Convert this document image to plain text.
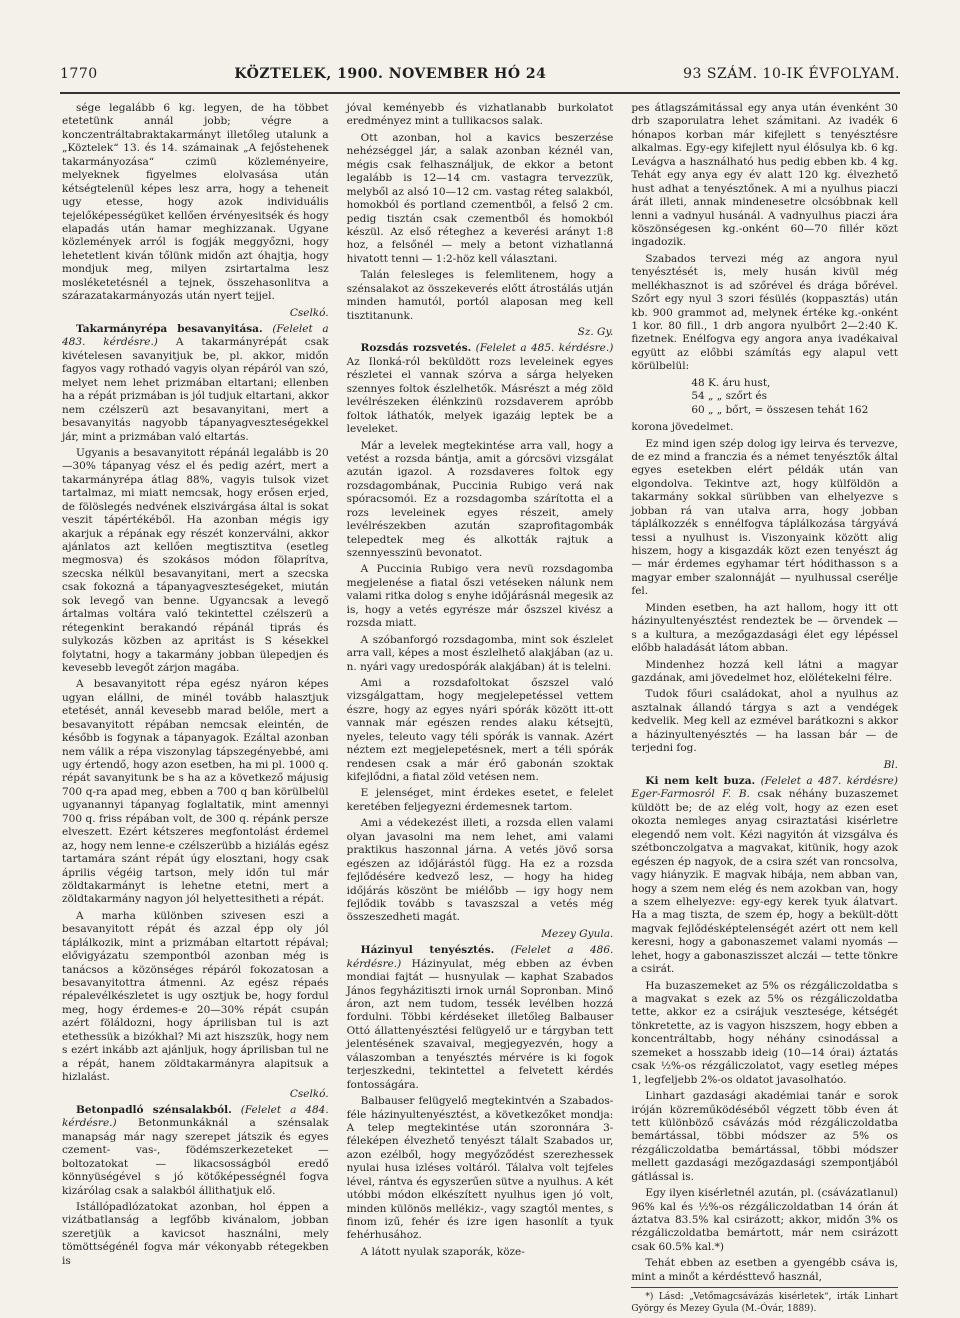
1770	KÖZTELEK, 1900. NOVEMBER HÓ 24	93 SZÁM. 10-IK ÉVFOLYAM.

sége legalább 6 kg. legyen, de ha többet etetetünk annál jobb; végre a konczentráltabraktakarmányt illetőleg utalunk a „Köztelek“ 13. és 14. számainak „A fejőstehenek takarmányozása“ czimü közleményeire, melyeknek figyelmes elolvasása után kétségtelenül képes lesz arra, hogy a teheneit ugy etesse, hogy azok individuális tejelőképességüket kellően érvényesitsék és hogy elapadás után hamar meghizzanak. Ugyane közlemények arról is fogják meggyőzni, hogy lehetetlent kiván tőlünk midőn azt óhajtja, hogy mondjuk meg, milyen zsirtartalma lesz mosléketetésnél a tejnek, összehasonlitva a szárazatakarmányozás után nyert tejjel.

Cselkó.

Takarmányrépa besavanyitása. (Felelet a 483. kérdésre.) A takarmányrépát csak kivételesen savanyitjuk be, pl. akkor, midőn fagyos vagy rothadó vagyis olyan répáról van szó, melyet nem lehet prizmában eltartani; ellenben ha a répát prizmában is jól tudjuk eltartani, akkor nem czélszerü azt besavanyitani, mert a besavanyitás nagyobb tápanyagveszteségekkel jár, mint a prizmában való eltartás.

Ugyanis a besavanyitott répánál legalább is 20—30% tápanyag vész el és pedig azért, mert a takarmányrépa átlag 88%, vagyis tulsok vizet tartalmaz, mi miatt nemcsak, hogy erősen erjed, de fölöslegés nedvének elszivárgása által is sokat veszit tápértékéből. Ha azonban mégis igy akarjuk a répának egy részét konzerválni, akkor ajánlatos azt kellően megtisztitva (esetleg megmosva) és szokásos módon fölaprítva, szecska nélkül besavanyitani, mert a szecska csak fokozná a tápanyagveszteségeket, miután sok levegő van benne. Ugyancsak a levegő ártalmas voltára való tekintettel czélszerü a rétegenkint berakandó répánál tiprás és sulykozás közben az apritást is S késekkel folytatni, hogy a takarmány jobban ülepedjen és kevesebb levegőt zárjon magába.

A besavanyitott répa egész nyáron képes ugyan elállni, de minél tovább halasztjuk etetését, annál kevesebb marad belőle, mert a besavanyitott répában nemcsak eleintén, de később is fogynak a tápanyagok. Ezáltal azonban nem válik a répa viszonylag tápszegényebbé, ami ugy értendő, hogy azon esetben, ha mi pl. 1000 q. répát savanyitunk be s ha az a következő májusig 700 q-ra apad meg, ebben a 700 q ban körülbelül ugyanannyi tápanyag foglaltatik, mint amennyi 700 q. friss répában volt, de 300 q. répánk persze elveszett. Ezért kétszeres megfontolást érdemel az, hogy nem lenne-e czélszerübb a hiziálás egész tartamára szánt répát úgy elosztani, hogy csak április végéig tartson, mely időn tul már zöldtakarmányt is lehetne etetni, mert a zöldtakarmány nagyon jól helyettesitheti a répát.

A marha különben szivesen eszi a besavanyitott répát és azzal épp oly jól táplálkozik, mint a prizmában eltartott répával; elővigyázatu szempontból azonban még is tanácsos a közönséges répáról fokozatosan a besavanyitottra átmenni. Az egész répaés répalevélkészletet is ugy osztjuk be, hogy fordul meg, hogy érdemes-e 20—30% répát csupán azért föláldozni, hogy áprilisban tul is azt etethessük a bizókhal? Mi azt hiszszük, hogy nem s ezért inkább azt ajánljuk, hogy áprilisban tul ne a répát, hanem zöldtakarmányra alapitsuk a hizlalást.

Cselkó.

Betonpadló szénsalakból. (Felelet a 484. kérdésre.) Betonmunkáknál a szénsalak manapság már nagy szerepet játszik és egyes czement- vas-, födémszerkezeteket — boltozatokat — likacsosságból eredő könnyüségével s jó kötőképességnél fogva kizárólag csak a salakból állithatjuk elő.

Istállópadlózatokat azonban, hol éppen a vizátbatlanság a legfőbb kivánalom, jobban szeretjük a kavicsot használni, mely tömöttségénél fogva már vékonyabb rétegekben is

jóval keményebb és vizhatlanabb burkolatot eredményez mint a tullikacsos salak.

Ott azonban, hol a kavics beszerzése nehézséggel jár, a salak azonban kéznél van, mégis csak felhasználjuk, de ekkor a betont legalább is 12—14 cm. vastagra tervezzük, melyből az alsó 10—12 cm. vastag réteg salakból, homokból és portland czementből, a felső 2 cm. pedig tisztán csak czementből és homokból készül. Az első réteghez a keverési arányt 1:8 hoz, a felsőnél — mely a betont vizhatlanná hivatott tenni — 1:2-höz kell választani.

Talán felesleges is felemlitenem, hogy a szénsalakot az összekeverés előtt átrostálás utján minden hamutól, portól alaposan meg kell tisztitanunk.

Sz. Gy.

Rozsdás rozsvetés. (Felelet a 485. kérdésre.) Az Ilonká-ról beküldött rozs leveleinek egyes részletei el vannak szórva a sárga helyeken szennyes foltok észlelhetők. Másrészt a még zöld levélrészeken élénkzinü rozsdaverem apróbb foltok láthatók, melyek igazáig leptek be a leveleket.

Már a levelek megtekintése arra vall, hogy a vetést a rozsda bántja, amit a górcsövi vizsgálat azután igazol. A rozsdaveres foltok egy rozsdagombának, Puccinia Rubigo verá nak spóracsomói. Ez a rozsdagomba szárította el a rozs leveleinek egyes részeit, amely levélrészekben azután szaprofitagombák telepedtek meg és alkották rajtuk a szennyesszinü bevonatot.

A Puccinia Rubigo vera nevü rozsdagomba megjelenése a fiatal őszi vetéseken nálunk nem valami ritka dolog s enyhe időjárásnál megesik az is, hogy a vetés egyrésze már őszszel kivész a rozsda miatt.

A szóbanforgó rozsdagomba, mint sok észlelet arra vall, képes a most észlelhető alakjában (az u. n. nyári vagy uredospórák alakjában) át is telelni.

Ami a rozsdafoltokat őszszel való vizsgálgattam, hogy megjelepetéssel vettem észre, hogy az egyes nyári spórák között itt-ott vannak már egészen rendes alaku kétsejtü, nyeles, teleuto vagy téli spórák is vannak. Azért néztem ezt megjelepetésnek, mert a téli spórák rendesen csak a már érő gabonán szoktak kifejlődni, a fiatal zöld vetésen nem.

E jelenséget, mint érdekes esetet, e felelet keretében feljegyezni érdemesnek tartom.

Ami a védekezést illeti, a rozsda ellen valami olyan javasolni ma nem lehet, ami valami praktikus haszonnal járna. A vetés jövő sorsa egészen az időjárástól függ. Ha ez a rozsda fejlődésére kedvező lesz, — hogy ha hideg időjárás köszönt be miélőbb — igy hogy nem fejlődik tovább s tavaszszal a vetés még összeszedheti magát.

Mezey Gyula.

Házinyul tenyésztés. (Felelet a 486. kérdésre.) Házinyulat, még ebben az évben mondiai fajtát — husnyulak — kaphat Szabados János fegyházitiszti irnok urnál Sopronban. Minő áron, azt nem tudom, tessék levélben hozzá fordulni. Többi kérdéseket illetőleg Balbauser Ottó állattenyésztési felügyelő ur e tárgyban tett jelentésének szavaival, megjegyezvén, hogy a válaszomban a tenyésztés mérvére is ki fogok terjeszkedni, tekintettel a felvetett kérdés fontosságára.

Balbauser felügyelő megtekintvén a Szabados-féle házinyultenyésztést, a következőket mondja: A telep megtekintése után szoronnára 3-féleképen élvezhető tenyészt tálalt Szabados ur, azon ezélből, hogy megyőződést szerezhessek nyulai husa izléses voltáról. Tálalva volt tejfeles lével, rántva és egyszerűen sütve a nyulhus. A két utóbbi módon elkészített nyulhus igen jó volt, minden különös mellékiz-, vagy szagtól mentes, s finom izű, fehér és izre igen hasonlít a tyuk fehérhusához.

A látott nyulak szaporák, köze-

pes átlagszámitással egy anya után évenként 30 drb szaporulatra lehet számitani. Az ivadék 6 hónapos korban már kifejlett s tenyésztésre alkalmas. Egy-egy kifejlett nyul élősulya kb. 6 kg. Levágva a használható hus pedig ebben kb. 4 kg. Tehát egy anya egy év alatt 120 kg. élvezhető hust adhat a tenyésztőnek. A mi a nyulhus piaczi árát illeti, annak mindenesetre olcsóbbnak kell lenni a vadnyul husánál. A vadnyulhus piaczi ára köszönségesen kg.-onként 60—70 fillér közt ingadozik.

Szabados tervezi még az angora nyul tenyésztését is, mely husán kivül még mellékhasznot is ad szőrével és drága bőrével. Szőrt egy nyul 3 szori fésülés (koppasztás) után kb. 900 grammot ad, melynek értéke kg.-onként 1 kor. 80 fill., 1 drb angora nyulbőrt 2—2:40 K. fizetnek. Enélfogva egy angora anya ivadékaival együtt az előbbi számítás egy alapul vett körülbelül:

48 K. áru hust,
54 „ „ szőrt és
60 „ „ bőrt, = összesen tehát 162

korona jövedelmet.

Ez mind igen szép dolog igy leirva és tervezve, de ez mind a franczia és a német tenyésztők által egyes esetekben elért példák után van elgondolva. Tekintve azt, hogy külföldön a takarmány sokkal sürübben van elhelyezve s jobban rá van utalva arra, hogy jobban táplálkozzék s ennélfogva táplálkozása tárgyává tessi a nyulhust is. Viszonyaink között alig hiszem, hogy a kisgazdák közt ezen tenyészt ág — már érdemes egyhamar tért hódithasson s a magyar ember szalonnáját — nyulhussal cserélje fel.

Minden esetben, ha azt hallom, hogy itt ott házinyultenyésztést rendeztek be — örvendek — s a kultura, a mezőgazdasági élet egy lépéssel előbb haladását látom abban.

Mindenhez hozzá kell látni a magyar gazdának, ami jövedelmet hoz, elölétekelni félre.

Tudok főuri családokat, ahol a nyulhus az asztalnak állandó tárgya s azt a vendégek kedvelik. Meg kell az ezmével barátkozni s akkor a házinyultenyésztés — ha lassan bár — de terjedni fog.

Bl.

Ki nem kelt buza. (Felelet a 487. kérdésre) Eger-Farmosról F. B. csak néhány buzaszemet küldött be; de az elég volt, hogy az ezen eset okozta nemleges anyag csiraztatási kisérletre elegendő nem volt. Kézi nagyitón át vizsgálva és szétbonczolgatva a magvakat, kitünik, hogy azok egészen ép nagyok, de a csira szét van roncsolva, vagy hiányzik. E magvak hibája, nem abban van, hogy a szem nem elég és nem azokban van, hogy a szem elhelyezve: egy-egy kerek tyuk álatvart. Ha a mag tiszta, de szem ép, hogy a bekült-dött magvak fejlődésképtelenségét azért ott nem kell keresni, hogy a gabonaszemet valami nyomás — lehet, hogy a gabonaszisszet alczái — tette tönkre a csirát.

Ha buzaszemeket az 5% os rézgáliczoldatba s a magvakat s ezek az 5% os rézgáliczoldatba tette, akkor ez a csirájuk vesztesége, kétségét tönkretette, az is vagyon hiszszem, hogy ebben a koncentráltabb, hogy néhány csinodással a szemeket a hosszabb ideig (10—14 órai) áztatás csak ½%-os rézgáliczolatot, vagy esetleg mépes 1, legfeljebb 2%-os oldatot javasolhatóo.

Linhart gazdasági akadémiai tanár e sorok iróján közreműködéséből végzett több éven át tett különböző csávázás mód rézgáliczoldatba bemártással, többi módszer az 5% os rézgáliczoldatba bemártással, többi módszer mellett gazdasági mezőgazdasági szempontjából gátlással is.

Egy ilyen kisérletnél azután, pl. (csávázatlanul) 96% kal és ½%-os rézgáliczoldatban 14 órán át áztatva 83.5% kal csirázott; akkor, midőn 3% os rézgáliczoldatba bemártott, már nem csirázott csak 60.5% kal.*)

Tehát ebben az esetben a gyengébb csáva is, mint a minőt a kérdésttevő használ,

*) Lásd: „Vetőmagcsávázás kisérletek“, irták Linhart György és Mezey Gyula (M.-Óvár, 1889).
